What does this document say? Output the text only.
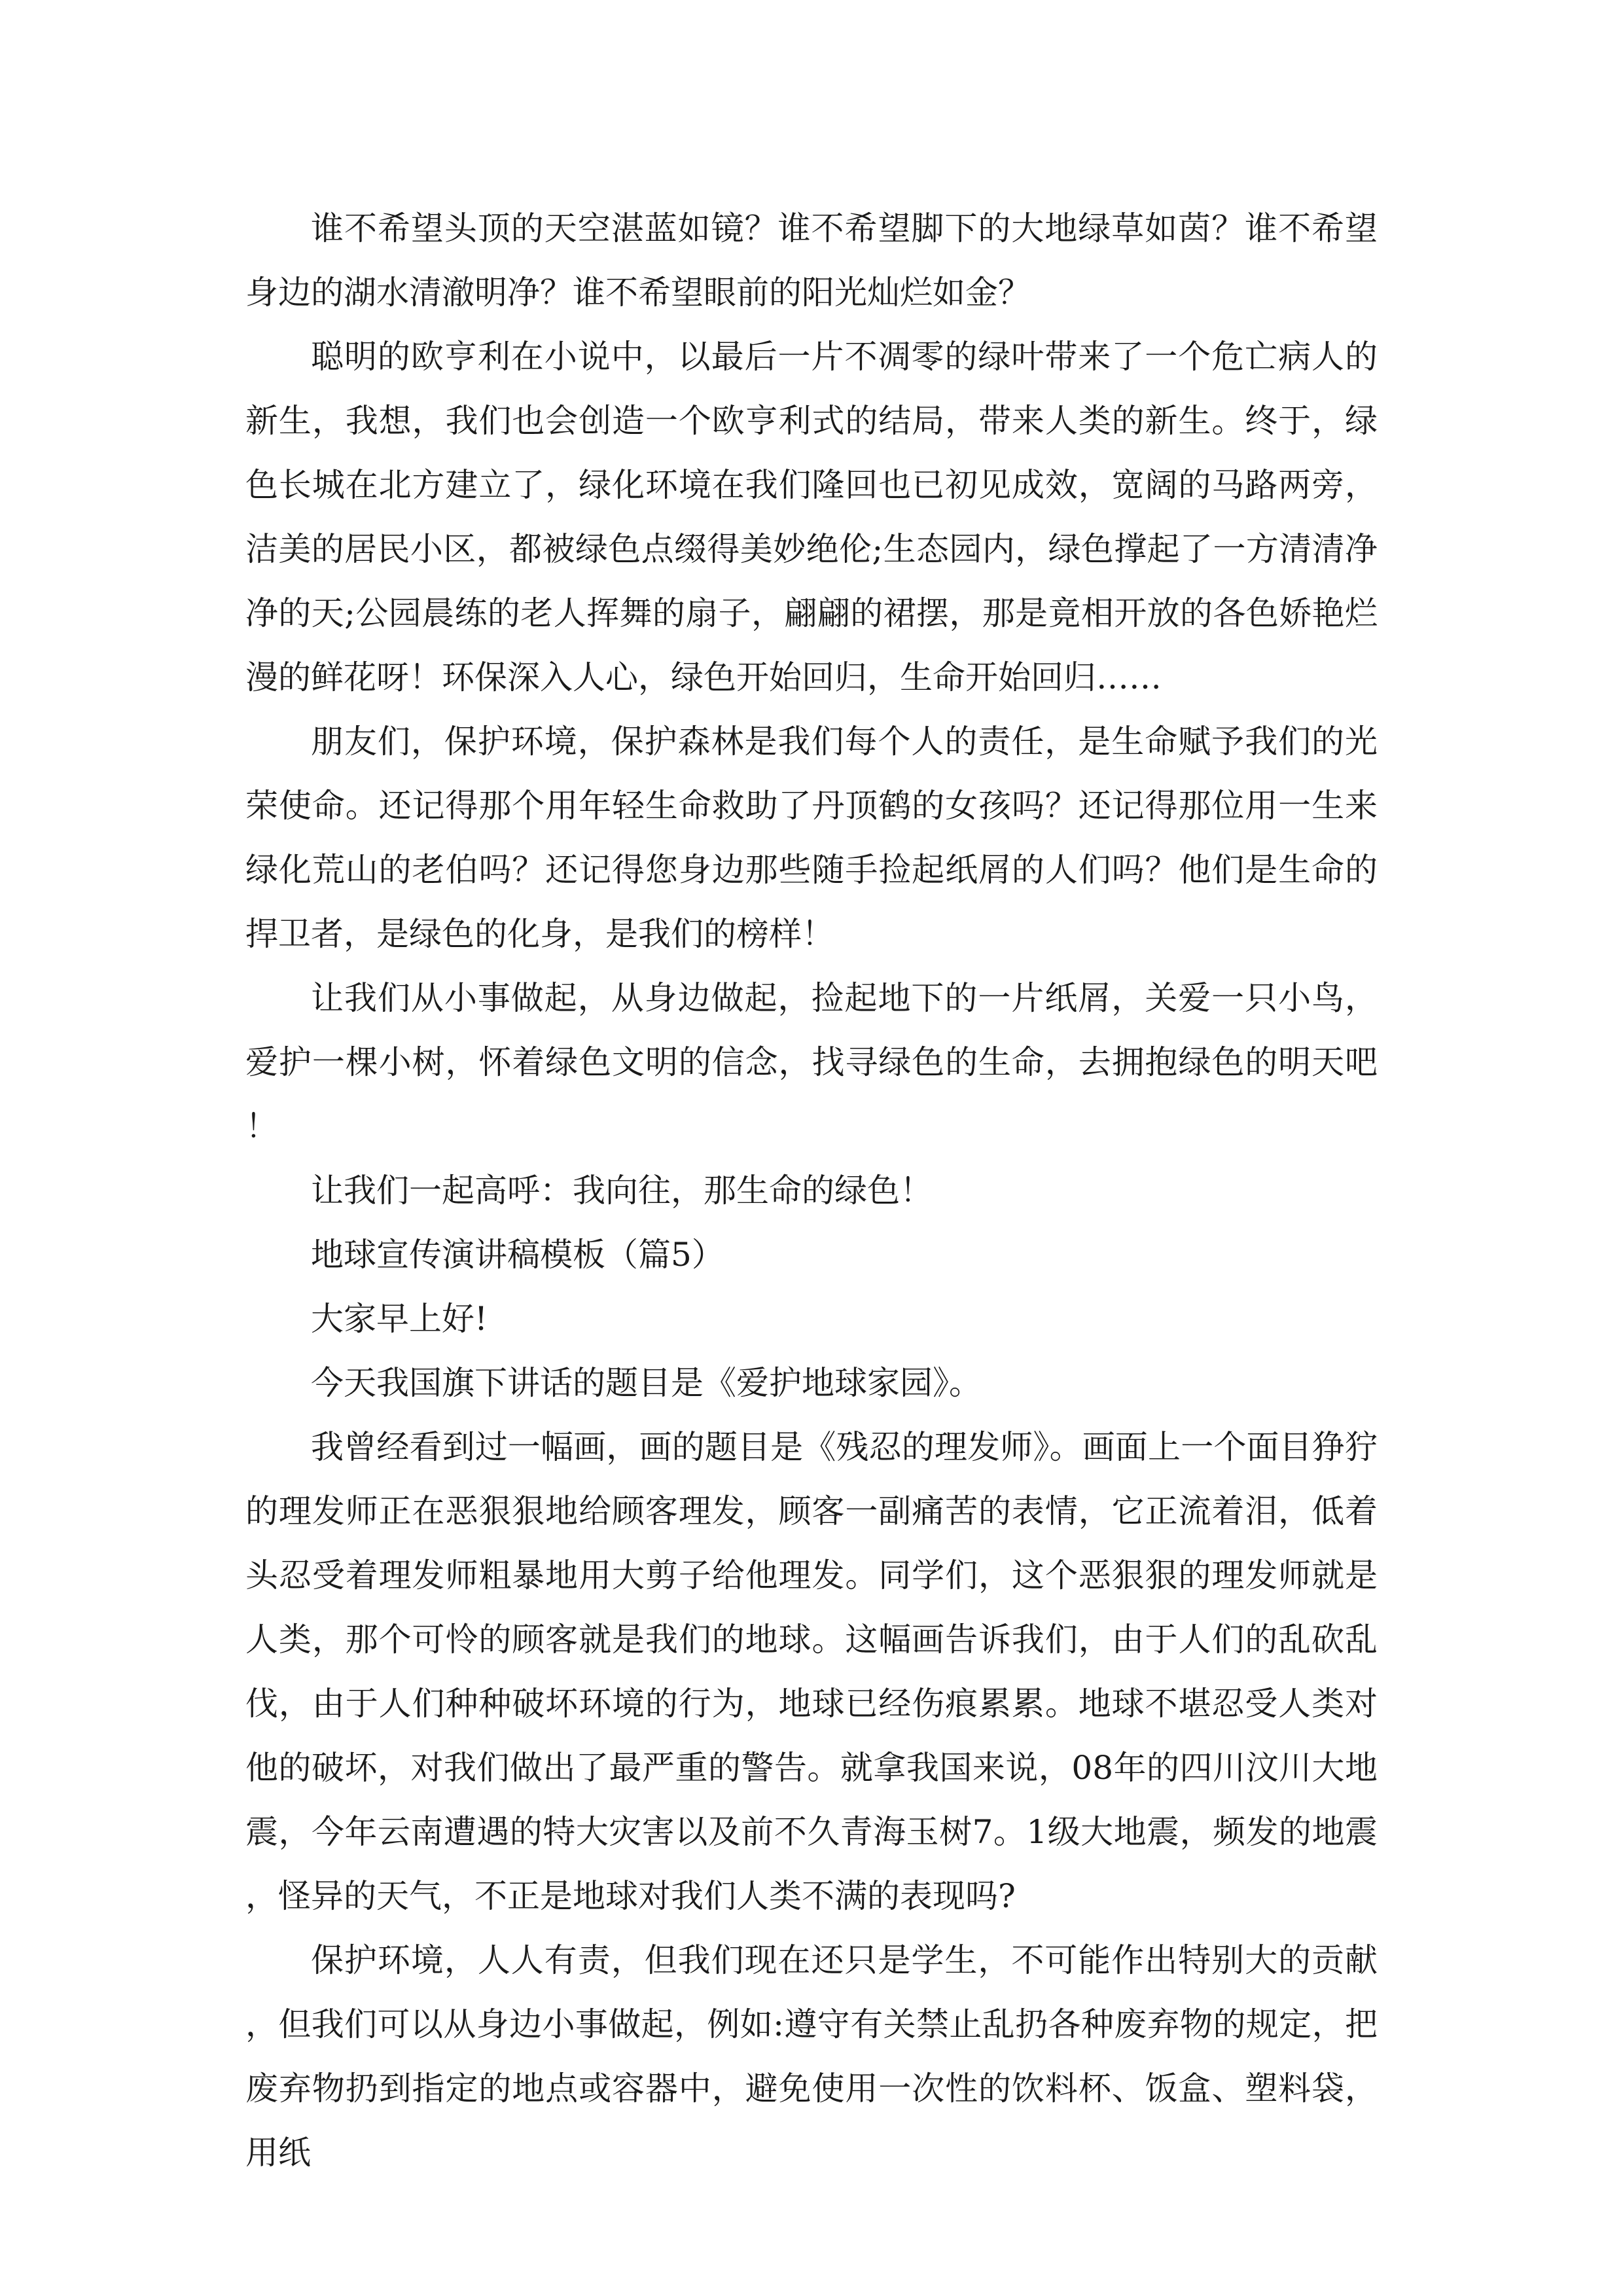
谁不希望头顶的天空湛蓝如镜？谁不希望脚下的大地绿草如茵？谁不希望身边的湖水清澈明净？谁不希望眼前的阳光灿烂如金？

聪明的欧亨利在小说中，以最后一片不凋零的绿叶带来了一个危亡病人的新生，我想，我们也会创造一个欧亨利式的结局，带来人类的新生。终于，绿色长城在北方建立了，绿化环境在我们隆回也已初见成效，宽阔的马路两旁，洁美的居民小区，都被绿色点缀得美妙绝伦;生态园内，绿色撑起了一方清清净净的天;公园晨练的老人挥舞的扇子，翩翩的裙摆，那是竟相开放的各色娇艳烂漫的鲜花呀！环保深入人心，绿色开始回归，生命开始回归……

朋友们，保护环境，保护森林是我们每个人的责任，是生命赋予我们的光荣使命。还记得那个用年轻生命救助了丹顶鹤的女孩吗？还记得那位用一生来绿化荒山的老伯吗？还记得您身边那些随手捡起纸屑的人们吗？他们是生命的捍卫者，是绿色的化身，是我们的榜样！

让我们从小事做起，从身边做起，捡起地下的一片纸屑，关爱一只小鸟，爱护一棵小树，怀着绿色文明的信念，找寻绿色的生命，去拥抱绿色的明天吧！

让我们一起高呼：我向往，那生命的绿色！

地球宣传演讲稿模板（篇5）

大家早上好!

今天我国旗下讲话的题目是《爱护地球家园》。

我曾经看到过一幅画，画的题目是《残忍的理发师》。画面上一个面目狰狞的理发师正在恶狠狠地给顾客理发，顾客一副痛苦的表情，它正流着泪，低着头忍受着理发师粗暴地用大剪子给他理发。同学们，这个恶狠狠的理发师就是人类，那个可怜的顾客就是我们的地球。这幅画告诉我们，由于人们的乱砍乱伐，由于人们种种破坏环境的行为，地球已经伤痕累累。地球不堪忍受人类对他的破坏，对我们做出了最严重的警告。就拿我国来说，08年的四川汶川大地震，今年云南遭遇的特大灾害以及前不久青海玉树7。1级大地震，频发的地震，怪异的天气，不正是地球对我们人类不满的表现吗?

保护环境，人人有责，但我们现在还只是学生，不可能作出特别大的贡献，但我们可以从身边小事做起，例如:遵守有关禁止乱扔各种废弃物的规定，把废弃物扔到指定的地点或容器中，避免使用一次性的饮料杯、饭盒、塑料袋，用纸
